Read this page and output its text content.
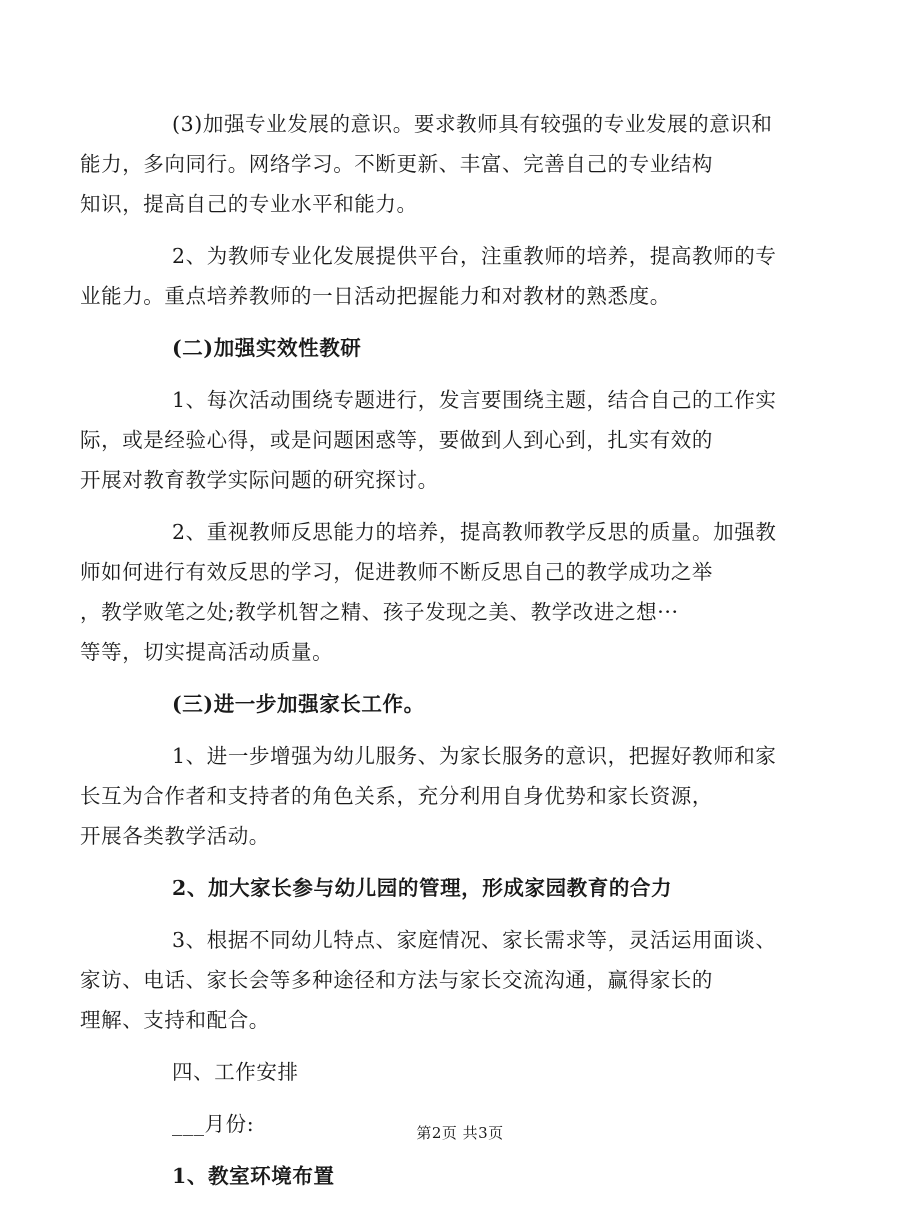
(3)加强专业发展的意识。要求教师具有较强的专业发展的意识和
能力，多向同行。网络学习。不断更新、丰富、完善自己的专业结构
知识，提高自己的专业水平和能力。

2、为教师专业化发展提供平台，注重教师的培养，提高教师的专
业能力。重点培养教师的一日活动把握能力和对教材的熟悉度。

(二)加强实效性教研

1、每次活动围绕专题进行，发言要围绕主题，结合自己的工作实
际，或是经验心得，或是问题困惑等，要做到人到心到，扎实有效的
开展对教育教学实际问题的研究探讨。

2、重视教师反思能力的培养，提高教师教学反思的质量。加强教
师如何进行有效反思的学习，促进教师不断反思自己的教学成功之举
，教学败笔之处;教学机智之精、孩子发现之美、教学改进之想···
等等，切实提高活动质量。

(三)进一步加强家长工作。

1、进一步增强为幼儿服务、为家长服务的意识，把握好教师和家
长互为合作者和支持者的角色关系，充分利用自身优势和家长资源，
开展各类教学活动。

2、加大家长参与幼儿园的管理，形成家园教育的合力

3、根据不同幼儿特点、家庭情况、家长需求等，灵活运用面谈、
家访、电话、家长会等多种途径和方法与家长交流沟通，赢得家长的
理解、支持和配合。

四、工作安排

___月份:

1、教室环境布置

第2页 共3页
